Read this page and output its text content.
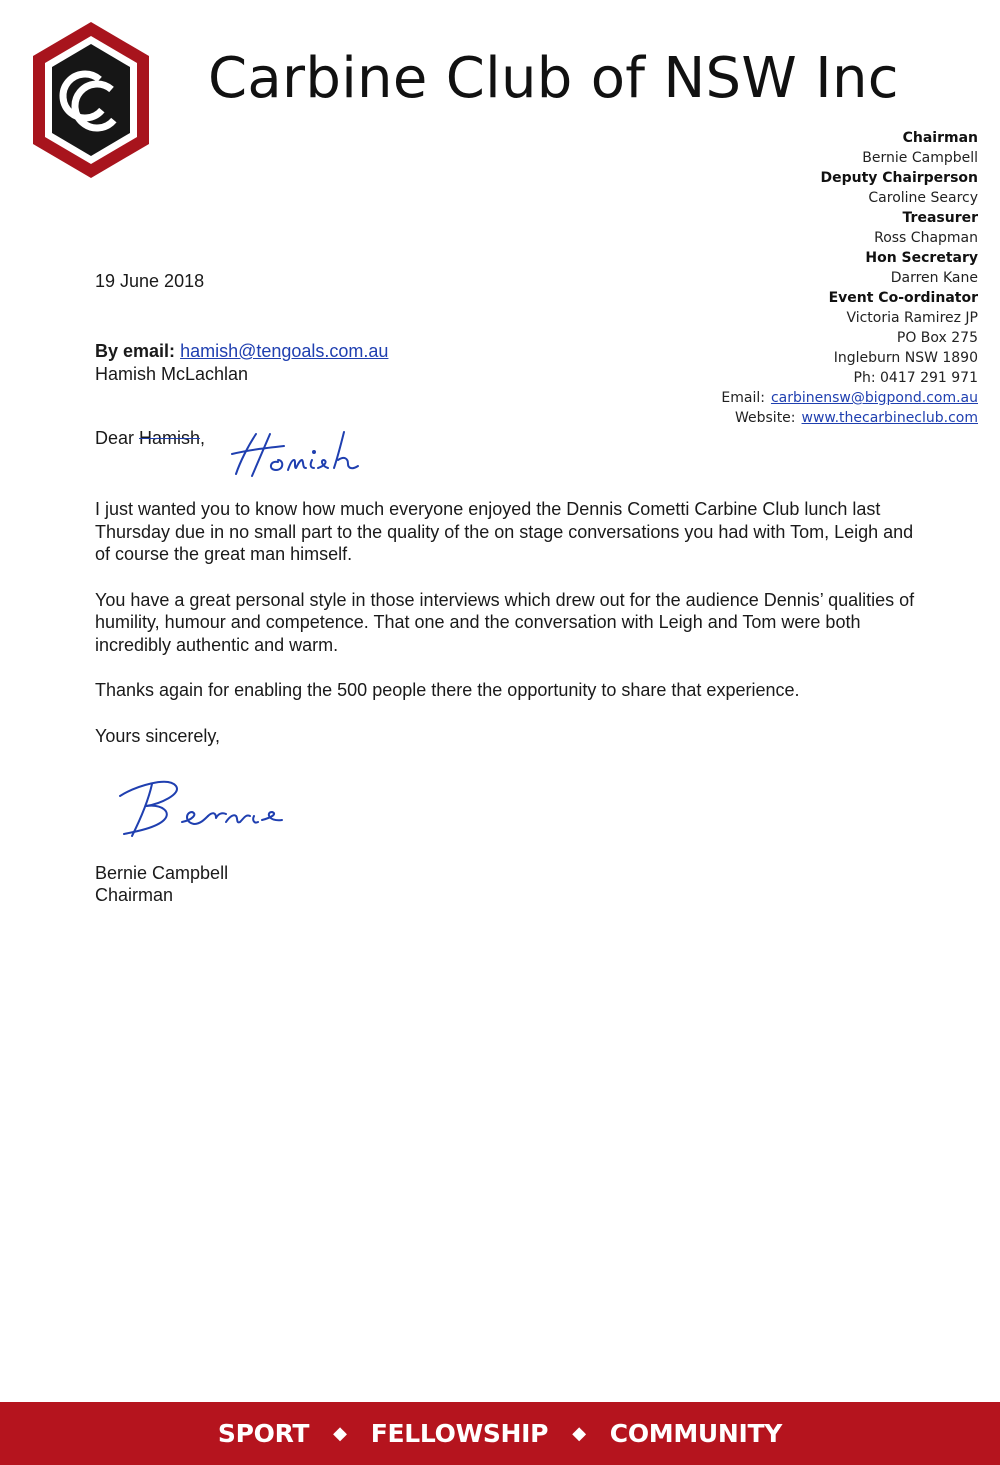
Carbine Club of NSW Inc
Chairman
Bernie Campbell
Deputy Chairperson
Caroline Searcy
Treasurer
Ross Chapman
Hon Secretary
Darren Kane
Event Co-ordinator
Victoria Ramirez JP
PO Box 275
Ingleburn NSW 1890
Ph: 0417 291 971
Email: carbinensw@bigpond.com.au
Website: www.thecarbineclub.com
19 June 2018
By email: hamish@tengoals.com.au
Hamish McLachlan
Dear Hamish,

I just wanted you to know how much everyone enjoyed the Dennis Cometti Carbine Club lunch last Thursday due in no small part to the quality of the on stage conversations you had with Tom, Leigh and of course the great man himself.

You have a great personal style in those interviews which drew out for the audience Dennis’ qualities of humility, humour and competence. That one and the conversation with Leigh and Tom were both incredibly authentic and warm.

Thanks again for enabling the 500 people there the opportunity to share that experience.

Yours sincerely,
Bernie Campbell
Chairman
SPORT ◆ FELLOWSHIP ◆ COMMUNITY
